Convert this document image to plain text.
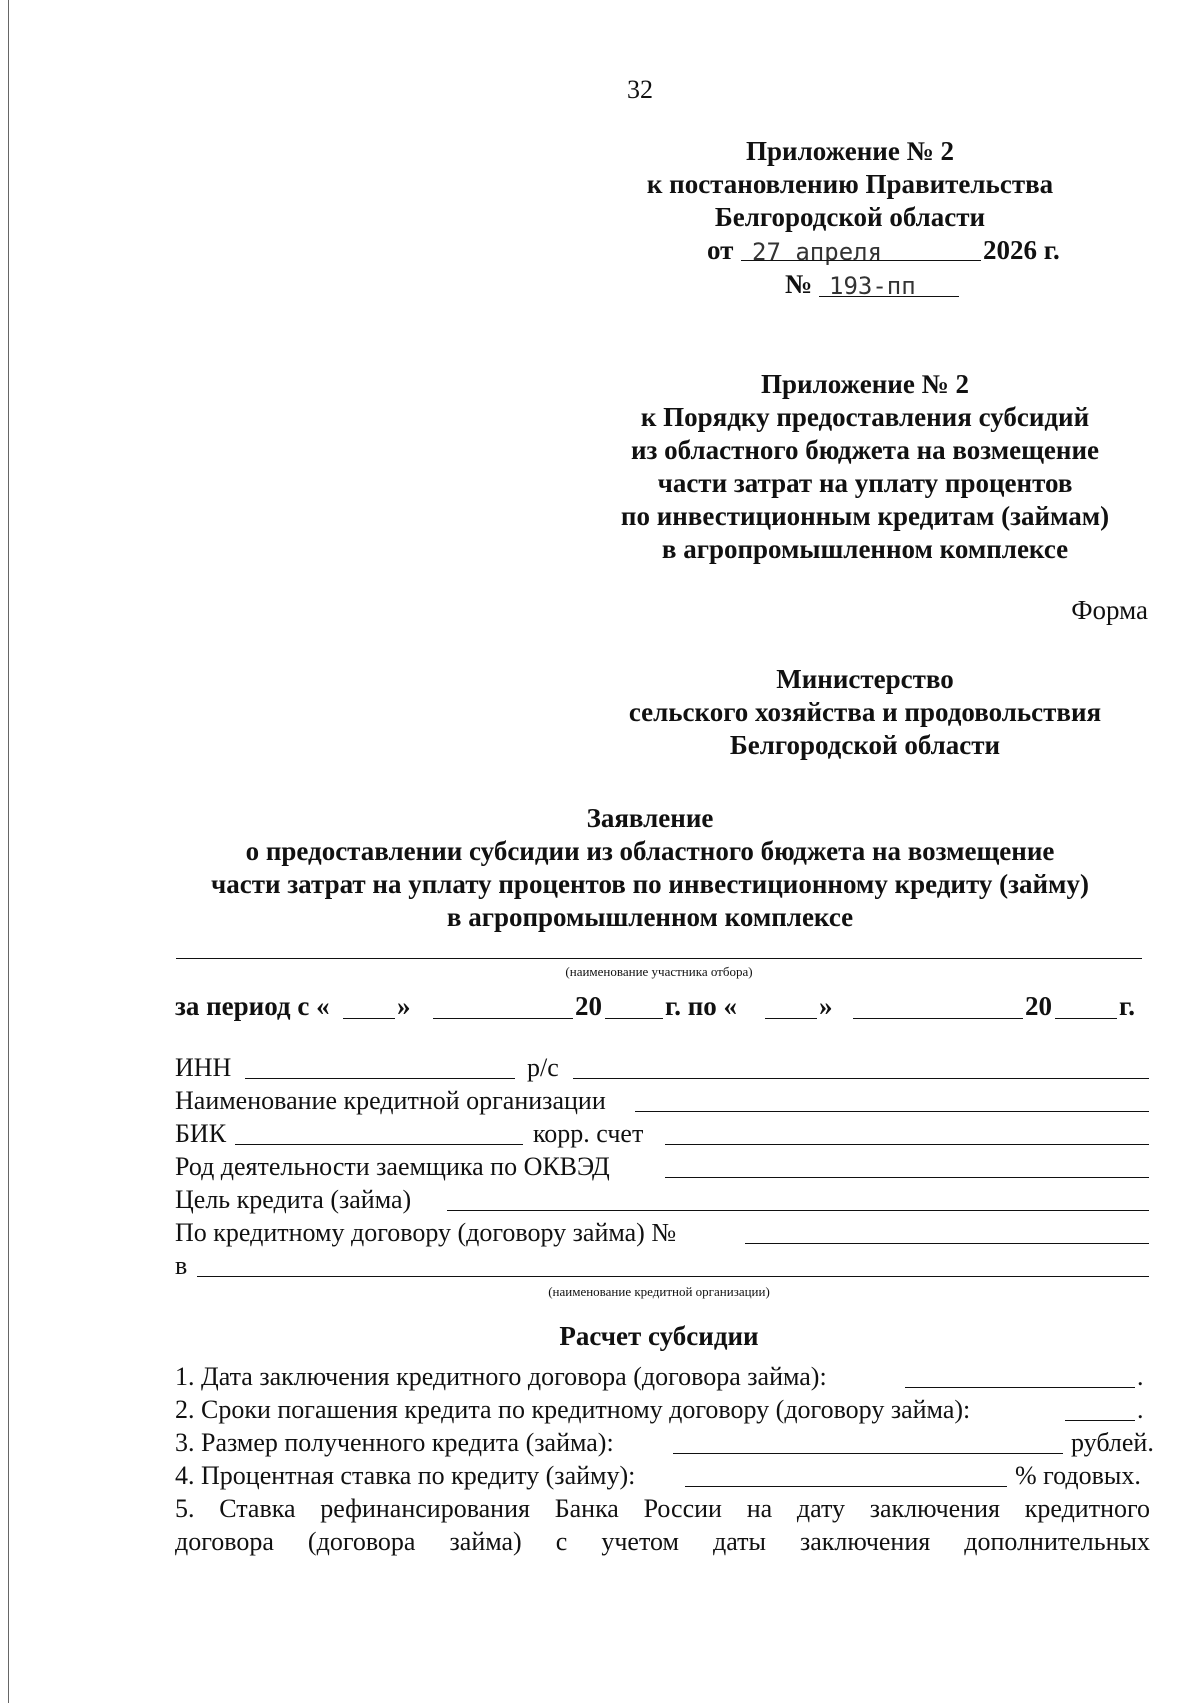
32
Приложение № 2
к постановлению Правительства
Белгородской области
от 27 апреля	2026 г.
№ 193-пп
Приложение № 2
к Порядку предоставления субсидий
из областного бюджета на возмещение
части затрат на уплату процентов
по инвестиционным кредитам (займам)
в агропромышленном комплексе
Форма
Министерство
сельского хозяйства и продовольствия
Белгородской области
Заявление
о предоставлении субсидии из областного бюджета на возмещение
части затрат на уплату процентов по инвестиционному кредиту (займу)
в агропромышленном комплексе
(наименование участника отбора)
за период с « »	20 г. по «	»	20 г.
ИНН	р/с
Наименование кредитной организации
БИК	корр. счет
Род деятельности заемщика по ОКВЭД
Цель кредита (займа)
По кредитному договору (договору займа) №
в
(наименование кредитной организации)
Расчет субсидии
1. Дата заключения кредитного договора (договора займа):	.
2. Сроки погашения кредита по кредитному договору (договору займа):	.
3. Размер полученного кредита (займа):	рублей.
4. Процентная ставка по кредиту (займу):	% годовых.
5. Ставка рефинансирования Банка России на дату заключения кредитного
договора (договора займа) с учетом даты заключения дополнительных
